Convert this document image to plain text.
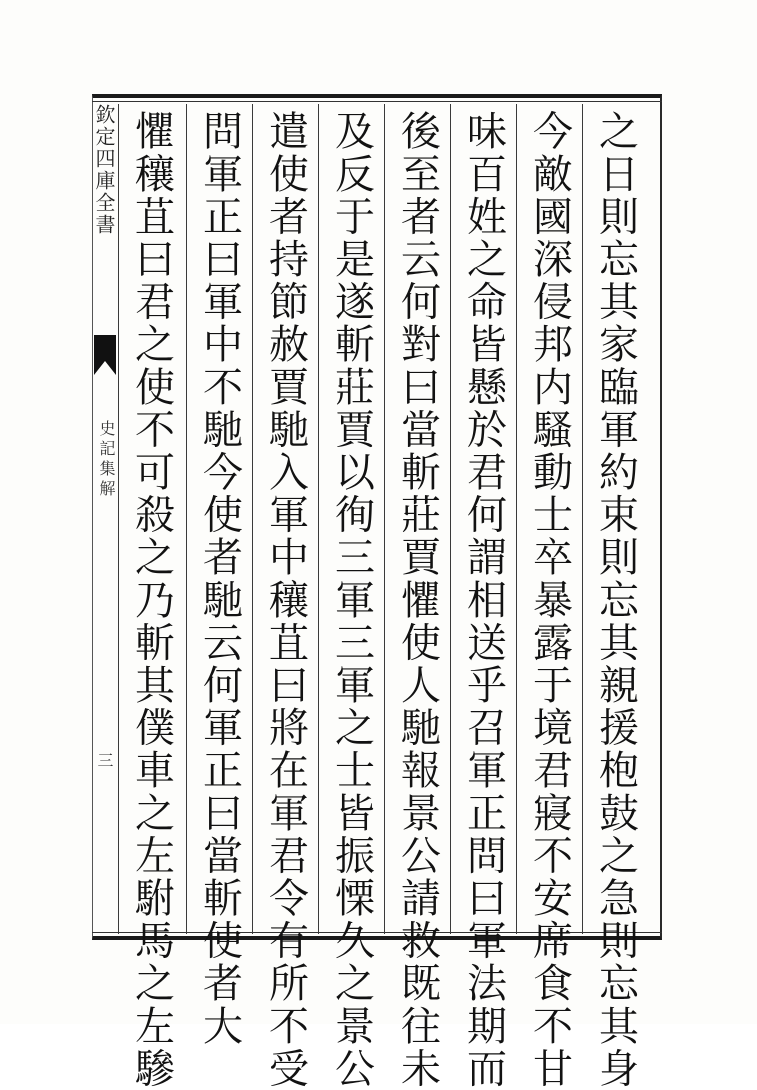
欽定四庫全書
史記集解
三	之日則忘其家臨軍約束則忘其親援枹鼓之急則忘其身
今敵國深侵邦内騷動士卒暴露于境君寢不安席食不甘
味百姓之命皆懸於君何謂相送乎召軍正問曰軍法期而
後至者云何對曰當斬莊賈懼使人馳報景公請救既往未
及反于是遂斬莊賈以徇三軍三軍之士皆振慄久之景公
遣使者持節赦賈馳入軍中穰苴曰將在軍君令有所不受
問軍正曰軍中不馳今使者馳云何軍正曰當斬使者大
懼穰苴曰君之使不可殺之乃斬其僕車之左駙馬之左驂
